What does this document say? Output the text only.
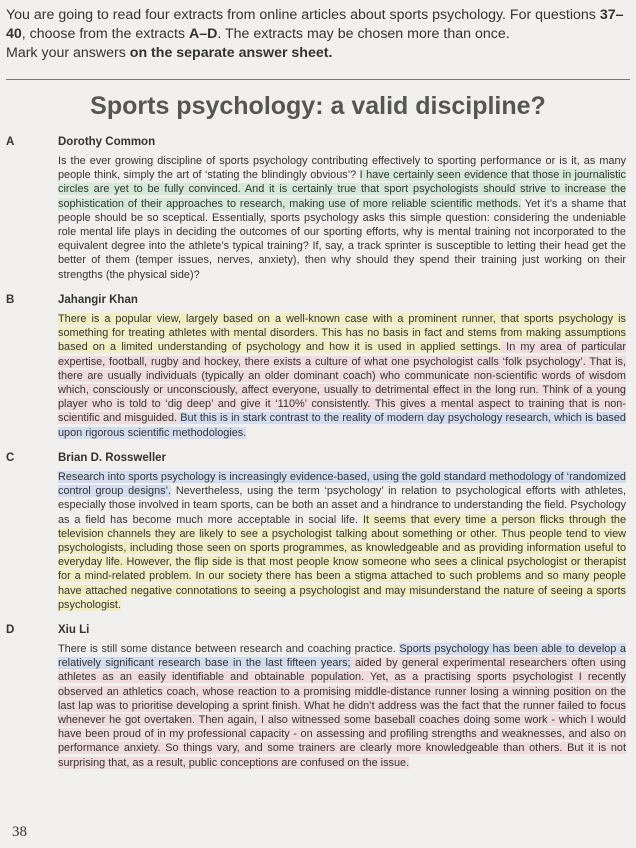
You are going to read four extracts from online articles about sports psychology. For questions 37–40, choose from the extracts A–D. The extracts may be chosen more than once.
Mark your answers on the separate answer sheet.
Sports psychology: a valid discipline?
A	Dorothy Common
Is the ever growing discipline of sports psychology contributing effectively to sporting performance or is it, as many people think, simply the art of ‘stating the blindingly obvious’? I have certainly seen evidence that those in journalistic circles are yet to be fully convinced. And it is certainly true that sport psychologists should strive to increase the sophistication of their approaches to research, making use of more reliable scientific methods. Yet it’s a shame that people should be so sceptical. Essentially, sports psychology asks this simple question: considering the undeniable role mental life plays in deciding the outcomes of our sporting efforts, why is mental training not incorporated to the equivalent degree into the athlete’s typical training? If, say, a track sprinter is susceptible to letting their head get the better of them (temper issues, nerves, anxiety), then why should they spend their training just working on their strengths (the physical side)?
B	Jahangir Khan
There is a popular view, largely based on a well-known case with a prominent runner, that sports psychology is something for treating athletes with mental disorders. This has no basis in fact and stems from making assumptions based on a limited understanding of psychology and how it is used in applied settings. In my area of particular expertise, football, rugby and hockey, there exists a culture of what one psychologist calls ‘folk psychology’. That is, there are usually individuals (typically an older dominant coach) who communicate non-scientific words of wisdom which, consciously or unconsciously, affect everyone, usually to detrimental effect in the long run. Think of a young player who is told to ‘dig deep’ and give it ‘110%’ consistently. This gives a mental aspect to training that is non-scientific and misguided. But this is in stark contrast to the reality of modern day psychology research, which is based upon rigorous scientific methodologies.
C	Brian D. Rossweller
Research into sports psychology is increasingly evidence-based, using the gold standard methodology of ‘randomized control group designs’. Nevertheless, using the term ‘psychology’ in relation to psychological efforts with athletes, especially those involved in team sports, can be both an asset and a hindrance to understanding the field. Psychology as a field has become much more acceptable in social life. It seems that every time a person flicks through the television channels they are likely to see a psychologist talking about something or other. Thus people tend to view psychologists, including those seen on sports programmes, as knowledgeable and as providing information useful to everyday life. However, the flip side is that most people know someone who sees a clinical psychologist or therapist for a mind-related problem. In our society there has been a stigma attached to such problems and so many people have attached negative connotations to seeing a psychologist and may misunderstand the nature of seeing a sports psychologist.
D	Xiu Li
There is still some distance between research and coaching practice. Sports psychology has been able to develop a relatively significant research base in the last fifteen years; aided by general experimental researchers often using athletes as an easily identifiable and obtainable population. Yet, as a practising sports psychologist I recently observed an athletics coach, whose reaction to a promising middle-distance runner losing a winning position on the last lap was to prioritise developing a sprint finish. What he didn’t address was the fact that the runner failed to focus whenever he got overtaken. Then again, I also witnessed some baseball coaches doing some work - which I would have been proud of in my professional capacity - on assessing and profiling strengths and weaknesses, and also on performance anxiety. So things vary, and some trainers are clearly more knowledgeable than others. But it is not surprising that, as a result, public conceptions are confused on the issue.
38
